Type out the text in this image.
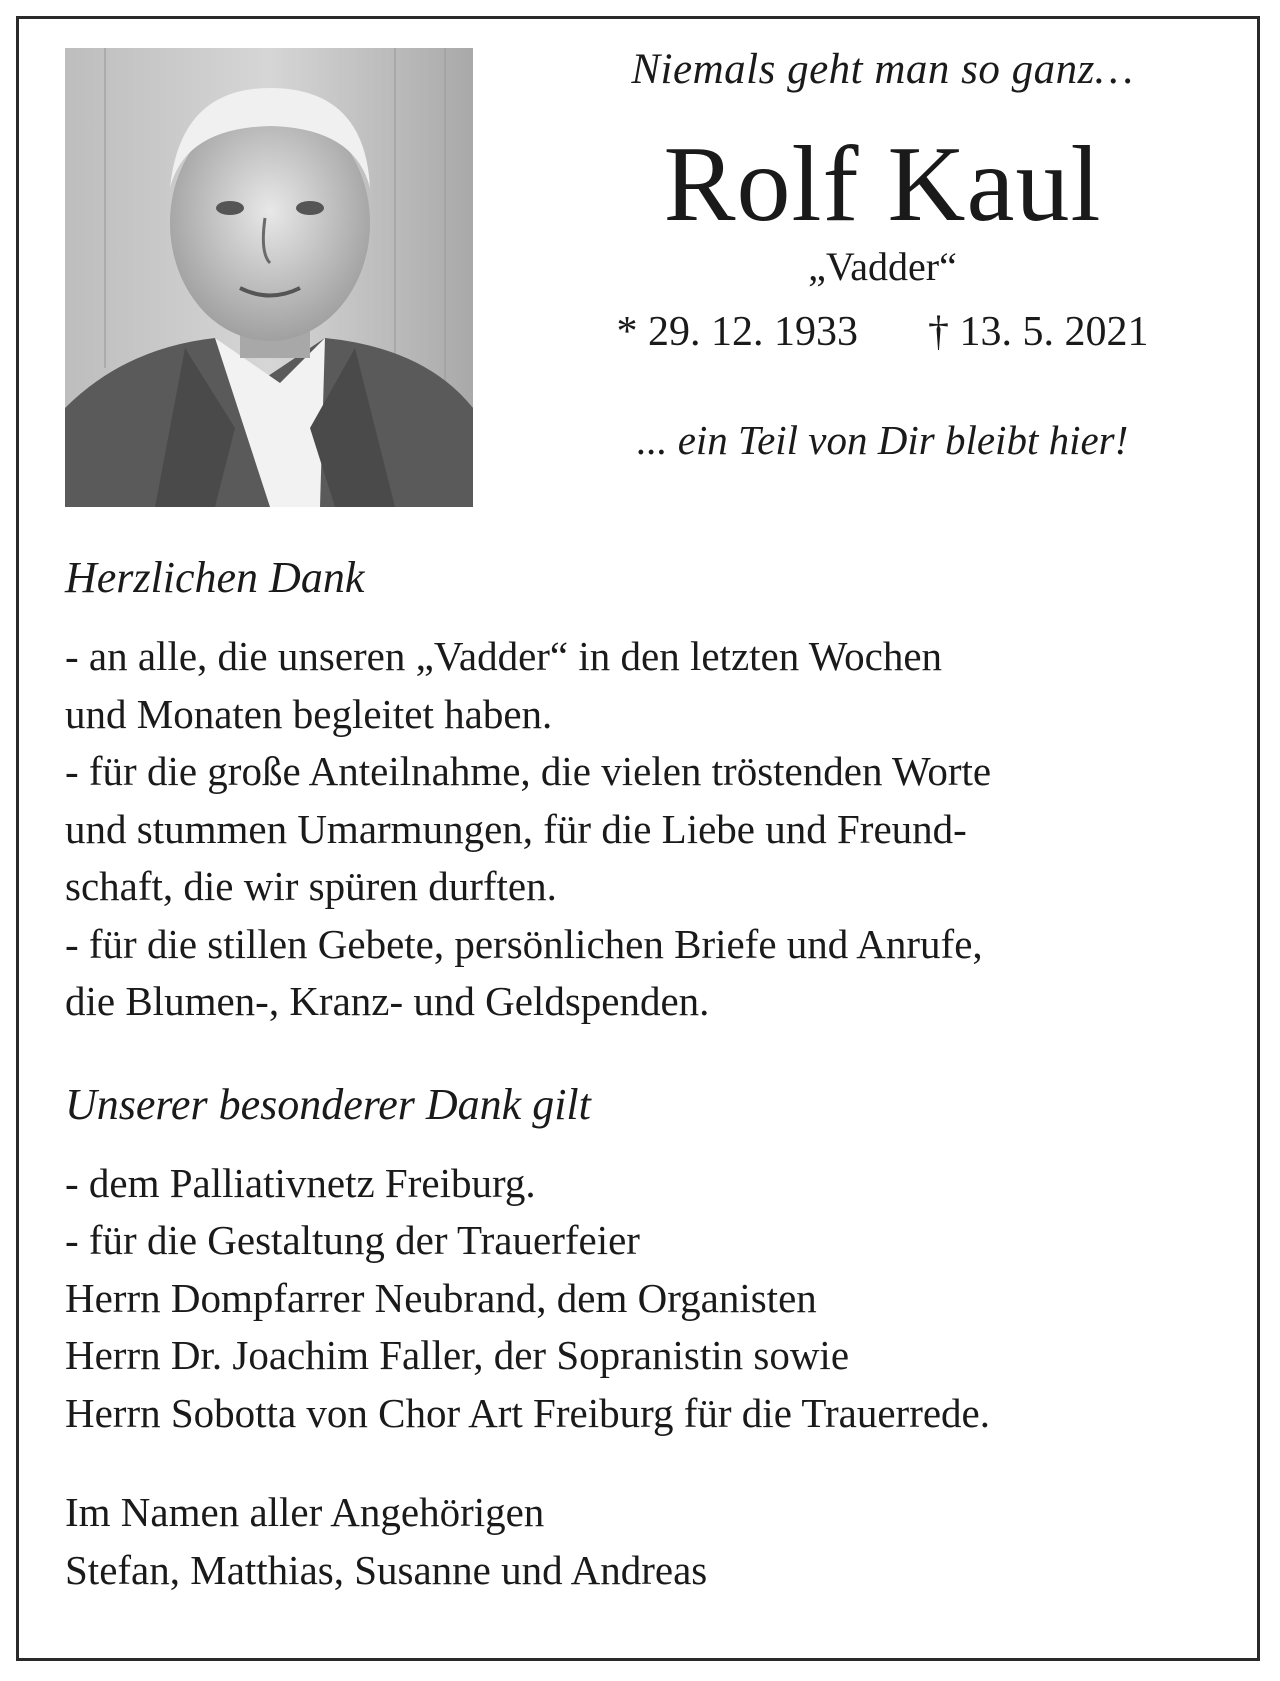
Niemals geht man so ganz…
Rolf Kaul
„Vadder“
* 29. 12. 1933 † 13. 5. 2021
... ein Teil von Dir bleibt hier!
Herzlichen Dank

- an alle, die unseren „Vadder“ in den letzten Wochen
und Monaten begleitet haben.

- für die große Anteilnahme, die vielen tröstenden Worte
und stummen Umarmungen, für die Liebe und Freund-
schaft, die wir spüren durften.

- für die stillen Gebete, persönlichen Briefe und Anrufe,
die Blumen-, Kranz- und Geldspenden.

Unserer besonderer Dank gilt

- dem Palliativnetz Freiburg.

- für die Gestaltung der Trauerfeier
Herrn Dompfarrer Neubrand, dem Organisten
Herrn Dr. Joachim Faller, der Sopranistin sowie
Herrn Sobotta von Chor Art Freiburg für die Trauerrede.

Im Namen aller Angehörigen
Stefan, Matthias, Susanne und Andreas
